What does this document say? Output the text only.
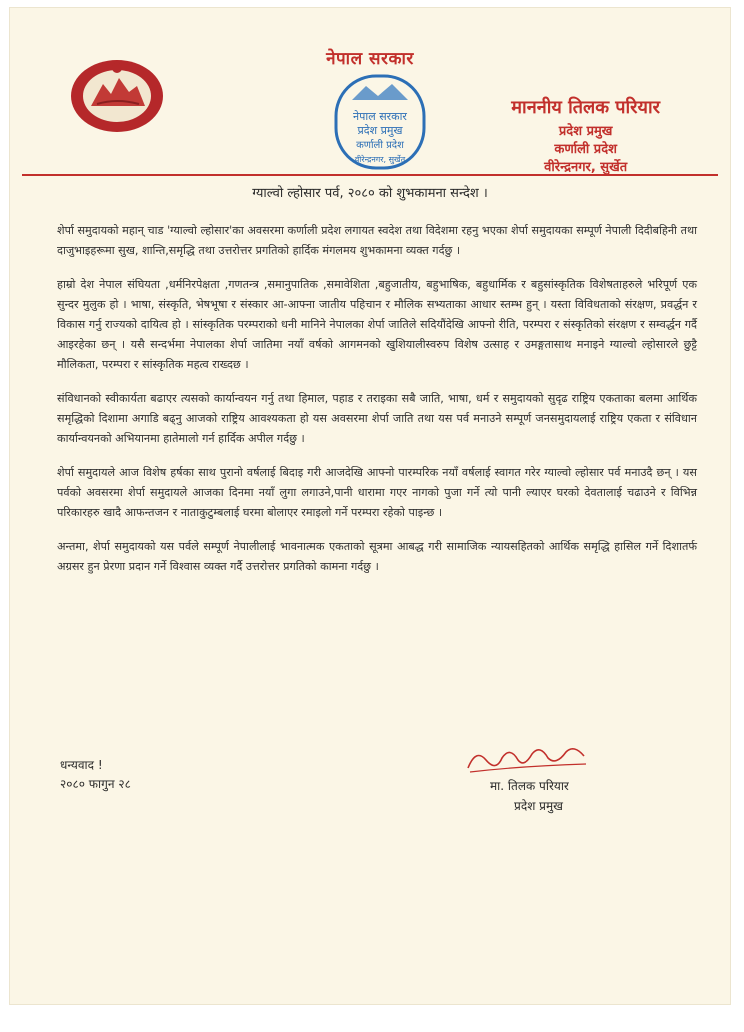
नेपाल सरकार
नेपाल सरकार
प्रदेश प्रमुख
कर्णाली प्रदेश
वीरेन्द्रनगर, सुर्खेत
माननीय तिलक परियार
प्रदेश प्रमुख
कर्णाली प्रदेश
वीरेन्द्रनगर, सुर्खेत
ग्याल्वो ल्होसार पर्व, २०८० को शुभकामना सन्देश ।

शेर्पा समुदायको महान् चाड 'ग्याल्वो ल्होसार'का अवसरमा कर्णाली प्रदेश लगायत स्वदेश तथा विदेशमा रहनु भएका शेर्पा समुदायका सम्पूर्ण नेपाली दिदीबहिनी तथा दाजुभाइहरूमा सुख, शान्ति,समृद्धि तथा उत्तरोत्तर प्रगतिको हार्दिक मंगलमय शुभकामना व्यक्त गर्दछु ।

हाम्रो देश नेपाल संघियता ,धर्मनिरपेक्षता ,गणतन्त्र ,समानुपातिक ,समावेशिता ,बहुजातीय, बहुभाषिक, बहुधार्मिक र बहुसांस्कृतिक विशेषताहरुले भरिपूर्ण एक सुन्दर मुलुक हो । भाषा, संस्कृति, भेषभूषा र संस्कार आ-आफ्ना जातीय पहिचान र मौलिक सभ्यताका आधार स्तम्भ हुन् । यस्ता विविधताको संरक्षण, प्रवर्द्धन र विकास गर्नु राज्यको दायित्व हो । सांस्कृतिक परम्पराको धनी मानिने नेपालका शेर्पा जातिले सदियौंदेखि आफ्नो रीति, परम्परा र संस्कृतिको संरक्षण र सम्वर्द्धन गर्दै आइरहेका छन् । यसै सन्दर्भमा नेपालका शेर्पा जातिमा नयाँ वर्षको आगमनको खुशियालीस्वरुप विशेष उत्साह र उमङ्गतासाथ मनाइने ग्याल्वो ल्होसारले छुट्टै मौलिकता, परम्परा र सांस्कृतिक महत्व राख्दछ ।

संविधानको स्वीकार्यता बढाएर त्यसको कार्यान्वयन गर्नु तथा हिमाल, पहाड र तराइका सबै जाति, भाषा, धर्म र समुदायको सुदृढ राष्ट्रिय एकताका बलमा आर्थिक समृद्धिको दिशामा अगाडि बढ्नु आजको राष्ट्रिय आवश्यकता हो यस अवसरमा शेर्पा जाति तथा यस पर्व मनाउने सम्पूर्ण जनसमुदायलाई राष्ट्रिय एकता र संविधान कार्यान्वयनको अभियानमा हातेमालो गर्न हार्दिक अपील गर्दछु ।

शेर्पा समुदायले आज विशेष हर्षका साथ पुरानो वर्षलाई बिदाइ गरी आजदेखि आफ्नो पारम्परिक नयाँ वर्षलाई स्वागत गरेर ग्याल्वो ल्होसार पर्व मनाउदै छन् । यस पर्वको अवसरमा शेर्पा समुदायले आजका दिनमा नयाँ लुगा लगाउने,पानी धारामा गएर नागको पुजा गर्ने त्यो पानी ल्याएर घरको देवतालाई चढाउने र विभिन्न परिकारहरु खादै आफन्तजन र नाताकुटुम्बलाई घरमा बोलाएर रमाइलो गर्ने परम्परा रहेको पाइन्छ ।

अन्तमा, शेर्पा समुदायको यस पर्वले सम्पूर्ण नेपालीलाई भावनात्मक एकताको सूत्रमा आबद्ध गरी सामाजिक न्यायसहितको आर्थिक समृद्धि हासिल गर्ने दिशातर्फ अग्रसर हुन प्रेरणा प्रदान गर्ने विश्वास व्यक्त गर्दै उत्तरोत्तर प्रगतिको कामना गर्दछु ।

धन्यवाद !
२०८० फागुन २८	मा. तिलक परियार
प्रदेश प्रमुख
